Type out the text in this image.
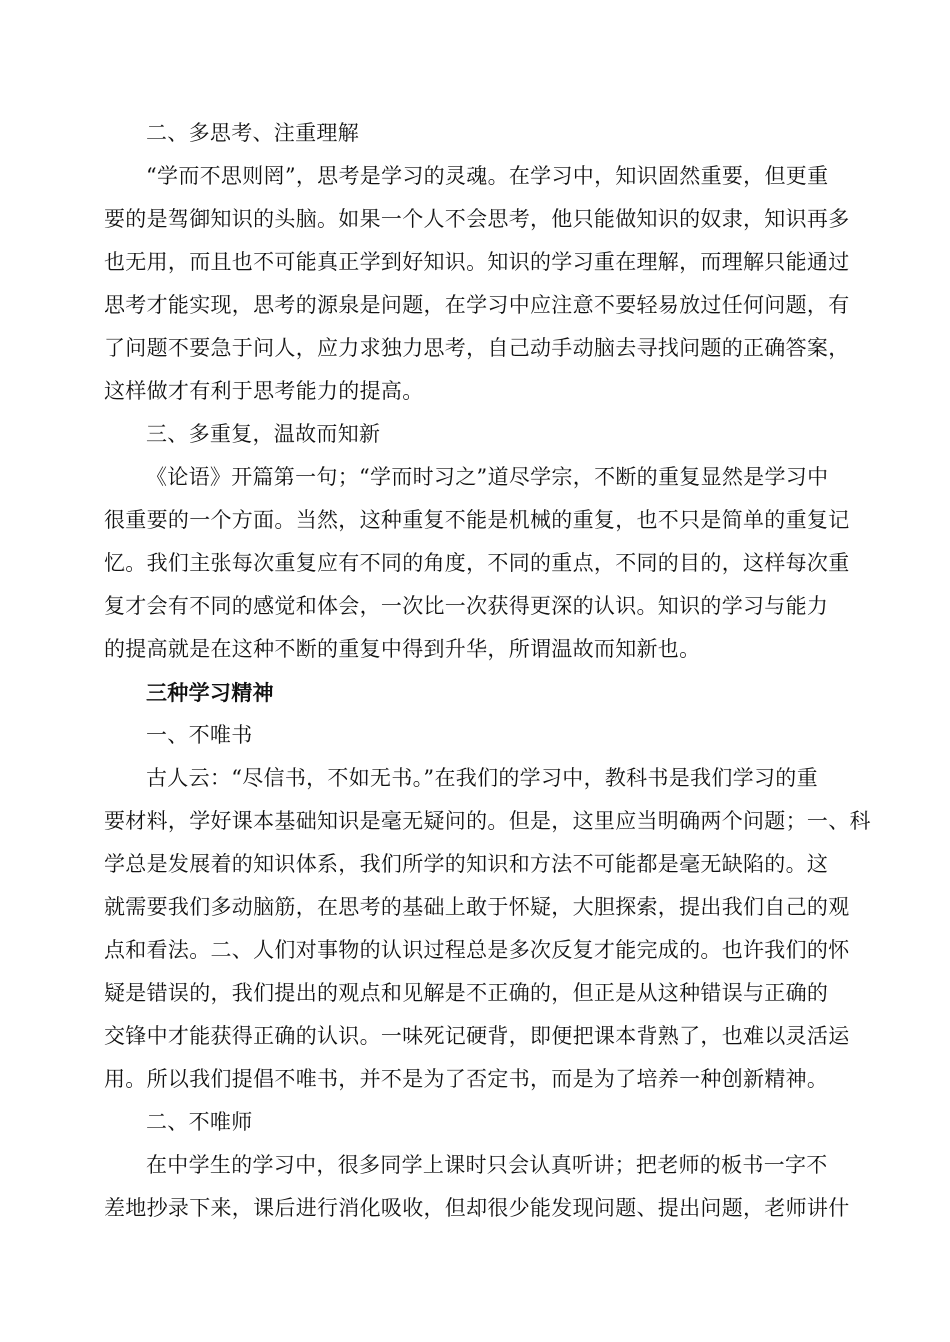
二、多思考、注重理解
“学而不思则罔”，思考是学习的灵魂。在学习中，知识固然重要，但更重
要的是驾御知识的头脑。如果一个人不会思考，他只能做知识的奴隶，知识再多
也无用，而且也不可能真正学到好知识。知识的学习重在理解，而理解只能通过
思考才能实现，思考的源泉是问题，在学习中应注意不要轻易放过任何问题，有
了问题不要急于问人，应力求独力思考，自己动手动脑去寻找问题的正确答案，
这样做才有利于思考能力的提高。
三、多重复，温故而知新
《论语》开篇第一句；“学而时习之”道尽学宗，不断的重复显然是学习中
很重要的一个方面。当然，这种重复不能是机械的重复，也不只是简单的重复记
忆。我们主张每次重复应有不同的角度，不同的重点，不同的目的，这样每次重
复才会有不同的感觉和体会，一次比一次获得更深的认识。知识的学习与能力
的提高就是在这种不断的重复中得到升华，所谓温故而知新也。
三种学习精神
一、不唯书
古人云：“尽信书，不如无书。”在我们的学习中，教科书是我们学习的重
要材料，学好课本基础知识是毫无疑问的。但是，这里应当明确两个问题；一、科
学总是发展着的知识体系，我们所学的知识和方法不可能都是毫无缺陷的。这
就需要我们多动脑筋，在思考的基础上敢于怀疑，大胆探索，提出我们自己的观
点和看法。二、人们对事物的认识过程总是多次反复才能完成的。也许我们的怀
疑是错误的，我们提出的观点和见解是不正确的，但正是从这种错误与正确的
交锋中才能获得正确的认识。一味死记硬背，即便把课本背熟了，也难以灵活运
用。所以我们提倡不唯书，并不是为了否定书，而是为了培养一种创新精神。
二、不唯师
在中学生的学习中，很多同学上课时只会认真听讲；把老师的板书一字不
差地抄录下来，课后进行消化吸收，但却很少能发现问题、提出问题，老师讲什
